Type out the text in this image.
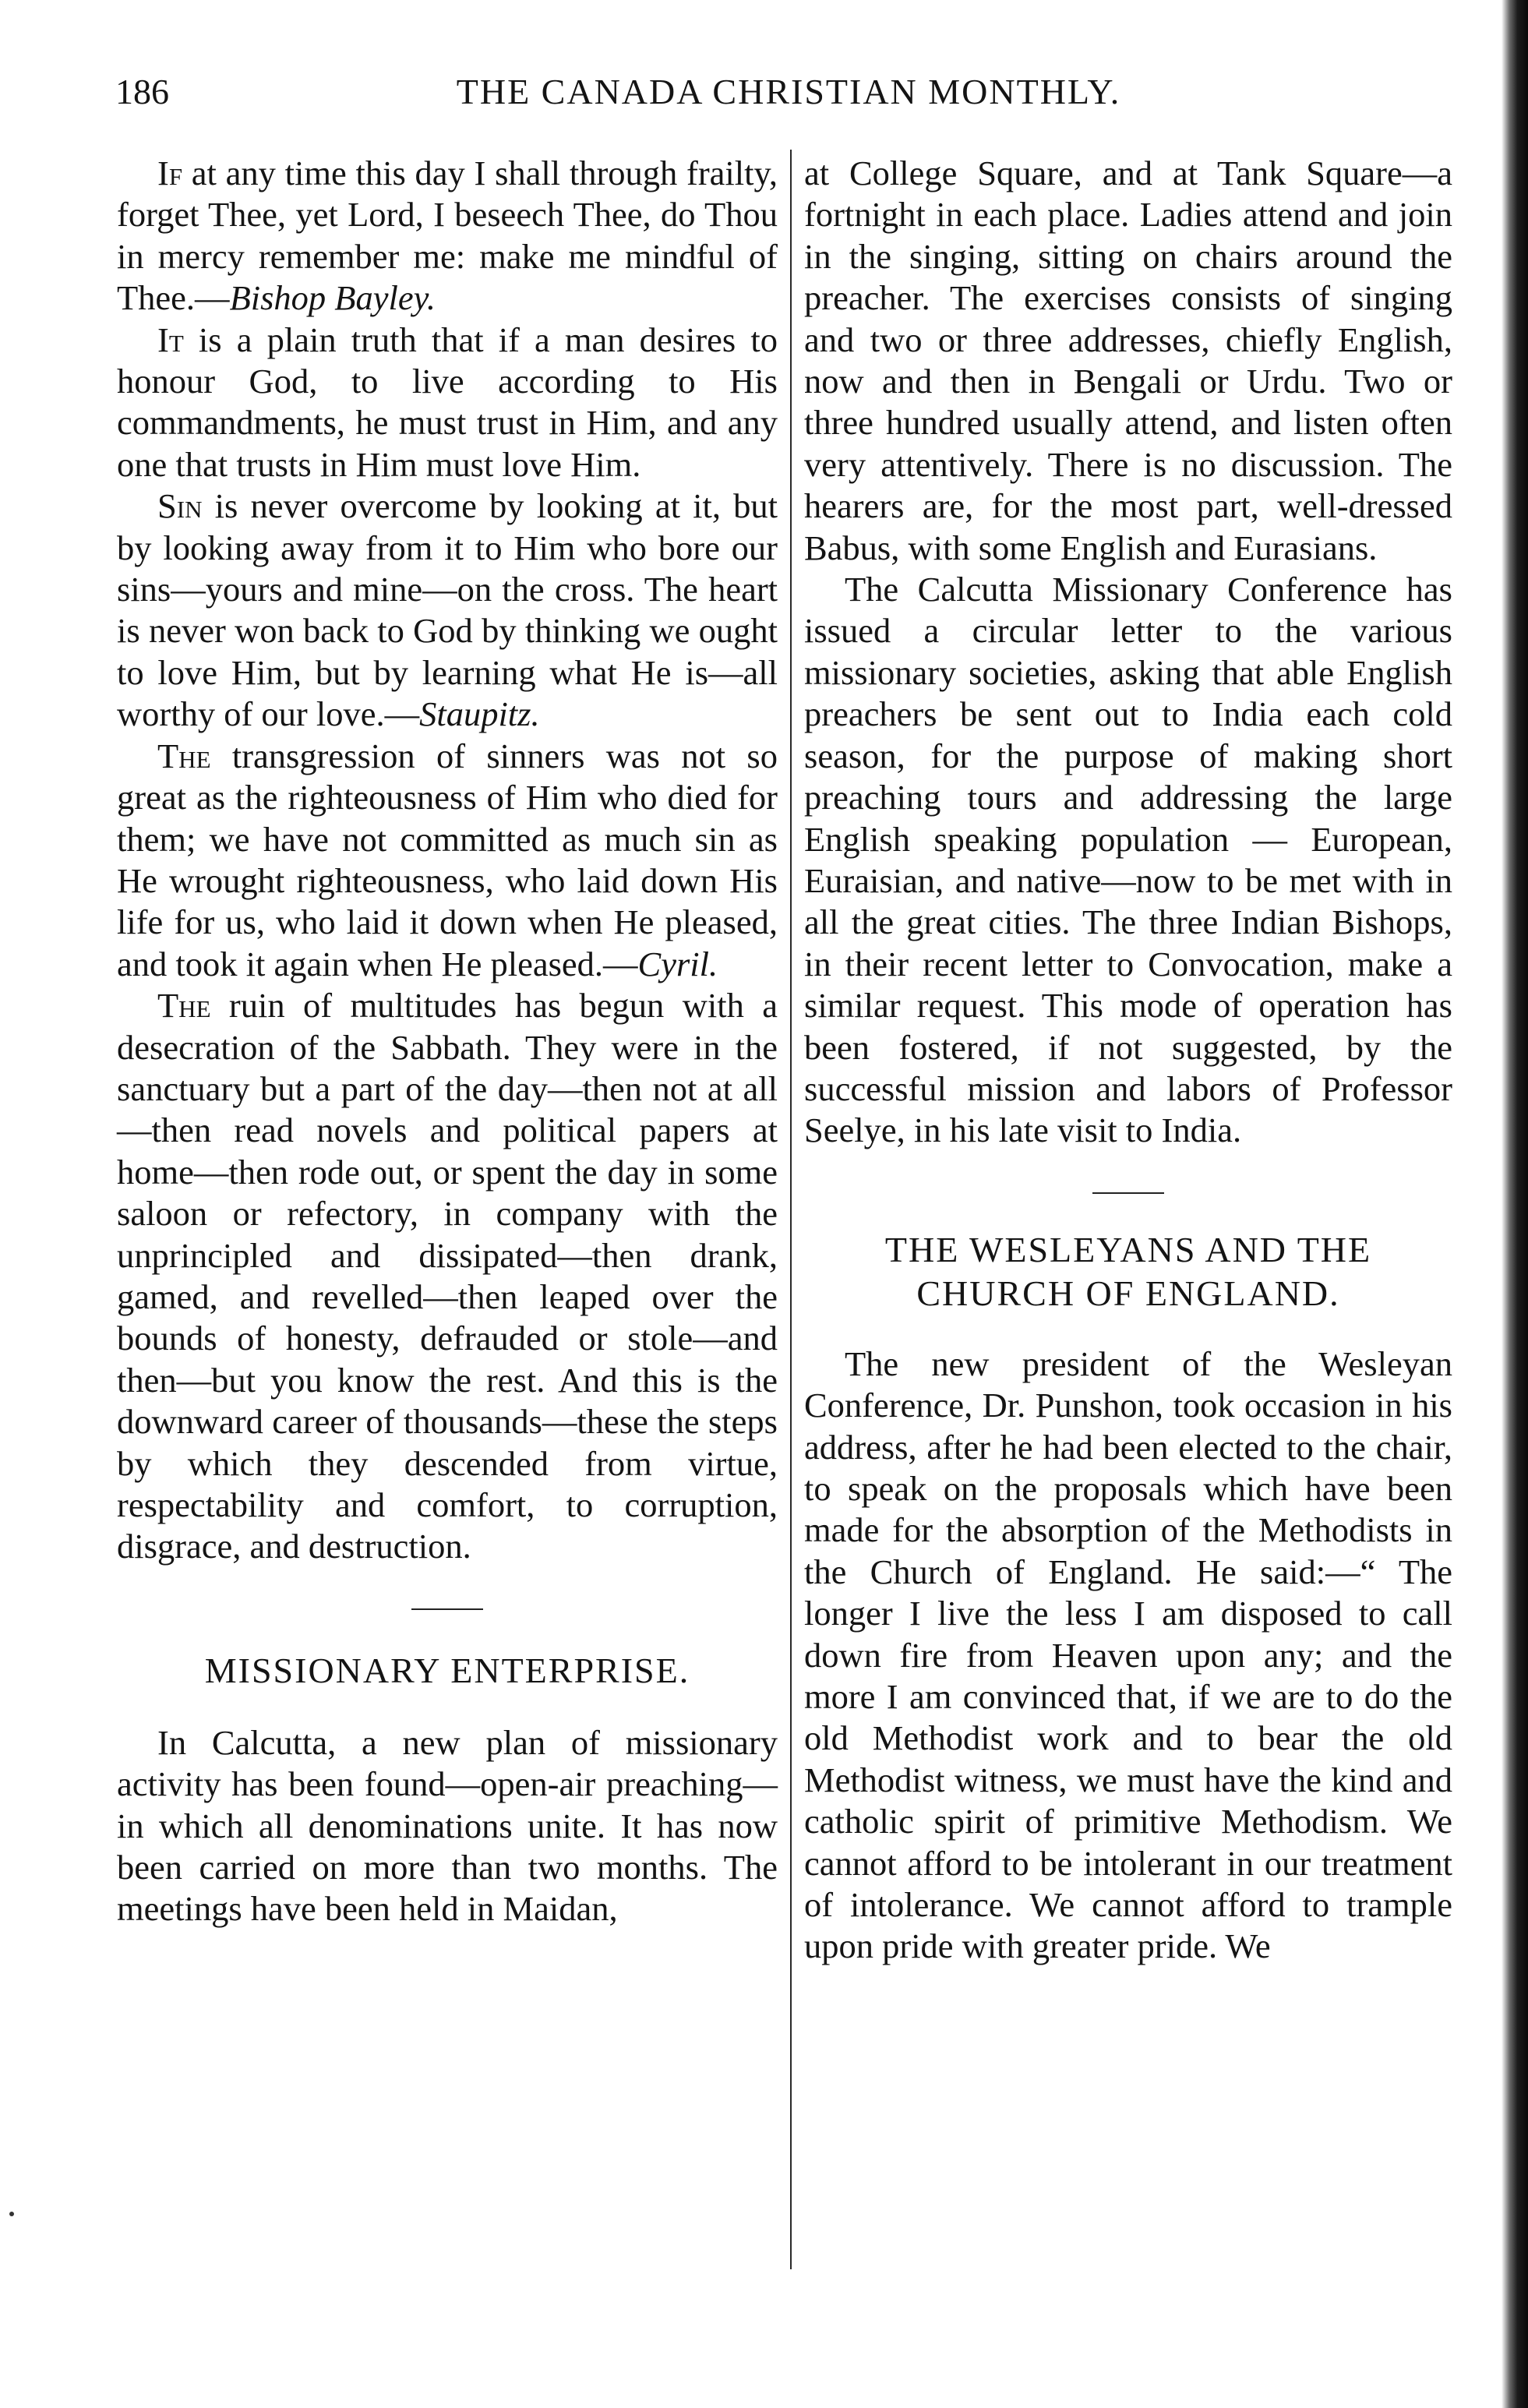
186	THE CANADA CHRISTIAN MONTHLY.

If at any time this day I shall through frailty, forget Thee, yet Lord, I beseech Thee, do Thou in mercy remember me: make me mindful of Thee.—Bishop Bayley.

It is a plain truth that if a man desires to honour God, to live according to His commandments, he must trust in Him, and any one that trusts in Him must love Him.

Sin is never overcome by looking at it, but by looking away from it to Him who bore our sins—yours and mine—on the cross. The heart is never won back to God by thinking we ought to love Him, but by learning what He is—all worthy of our love.—Staupitz.

The transgression of sinners was not so great as the righteousness of Him who died for them; we have not committed as much sin as He wrought righteousness, who laid down His life for us, who laid it down when He pleased, and took it again when He pleased.—Cyril.

The ruin of multitudes has begun with a desecration of the Sabbath. They were in the sanctuary but a part of the day—then not at all—then read novels and political papers at home—then rode out, or spent the day in some saloon or refectory, in company with the unprincipled and dissipated—then drank, gamed, and revelled—then leaped over the bounds of honesty, defrauded or stole—and then—but you know the rest. And this is the downward career of thousands—these the steps by which they descended from virtue, respectability and comfort, to corruption, disgrace, and destruction.

MISSIONARY ENTERPRISE.

In Calcutta, a new plan of missionary activity has been found—open-air preaching—in which all denominations unite. It has now been carried on more than two months. The meetings have been held in Maidan,

at College Square, and at Tank Square—a fortnight in each place. Ladies attend and join in the singing, sitting on chairs around the preacher. The exercises consists of singing and two or three addresses, chiefly English, now and then in Bengali or Urdu. Two or three hundred usually attend, and listen often very attentively. There is no discussion. The hearers are, for the most part, well-dressed Babus, with some English and Eurasians.

The Calcutta Missionary Conference has issued a circular letter to the various missionary societies, asking that able English preachers be sent out to India each cold season, for the purpose of making short preaching tours and addressing the large English speaking population — European, Euraisian, and native—now to be met with in all the great cities. The three Indian Bishops, in their recent letter to Convocation, make a similar request. This mode of operation has been fostered, if not suggested, by the successful mission and labors of Professor Seelye, in his late visit to India.

THE WESLEYANS AND THE
CHURCH OF ENGLAND.

The new president of the Wesleyan Conference, Dr. Punshon, took occasion in his address, after he had been elected to the chair, to speak on the proposals which have been made for the absorption of the Methodists in the Church of England. He said:—“ The longer I live the less I am disposed to call down fire from Heaven upon any; and the more I am convinced that, if we are to do the old Methodist work and to bear the old Methodist witness, we must have the kind and catholic spirit of primitive Methodism. We cannot afford to be intolerant in our treatment of intolerance. We cannot afford to trample upon pride with greater pride. We
